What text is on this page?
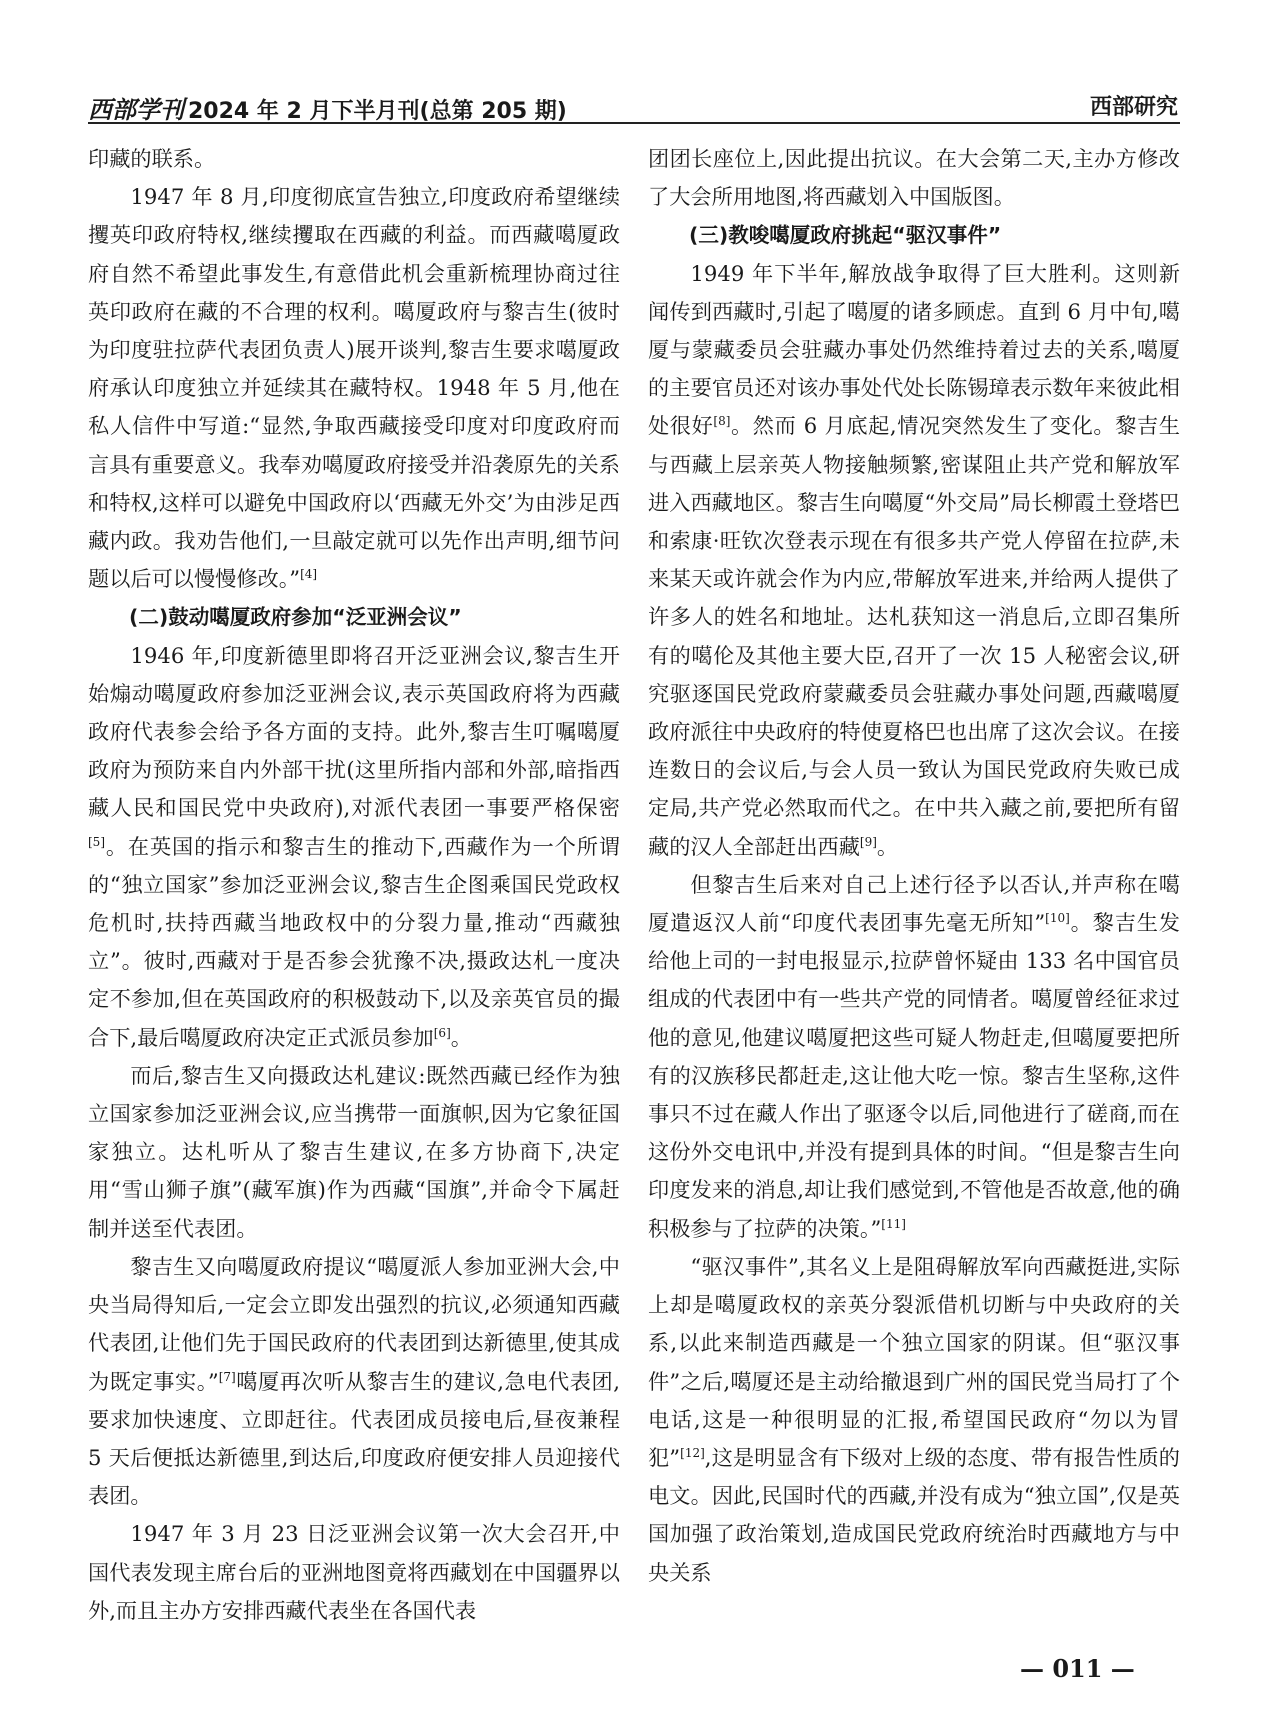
西部学刊 2024 年 2 月下半月刊(总第 205 期)	西部研究

印藏的联系。

1947 年 8 月,印度彻底宣告独立,印度政府希望继续攫英印政府特权,继续攫取在西藏的利益。而西藏噶厦政府自然不希望此事发生,有意借此机会重新梳理协商过往英印政府在藏的不合理的权利。噶厦政府与黎吉生(彼时为印度驻拉萨代表团负责人)展开谈判,黎吉生要求噶厦政府承认印度独立并延续其在藏特权。1948 年 5 月,他在私人信件中写道:“显然,争取西藏接受印度对印度政府而言具有重要意义。我奉劝噶厦政府接受并沿袭原先的关系和特权,这样可以避免中国政府以‘西藏无外交’为由涉足西藏内政。我劝告他们,一旦敲定就可以先作出声明,细节问题以后可以慢慢修改。”[4]

(二)鼓动噶厦政府参加“泛亚洲会议”

1946 年,印度新德里即将召开泛亚洲会议,黎吉生开始煽动噶厦政府参加泛亚洲会议,表示英国政府将为西藏政府代表参会给予各方面的支持。此外,黎吉生叮嘱噶厦政府为预防来自内外部干扰(这里所指内部和外部,暗指西藏人民和国民党中央政府),对派代表团一事要严格保密[5]。在英国的指示和黎吉生的推动下,西藏作为一个所谓的“独立国家”参加泛亚洲会议,黎吉生企图乘国民党政权危机时,扶持西藏当地政权中的分裂力量,推动“西藏独立”。彼时,西藏对于是否参会犹豫不决,摄政达札一度决定不参加,但在英国政府的积极鼓动下,以及亲英官员的撮合下,最后噶厦政府决定正式派员参加[6]。

而后,黎吉生又向摄政达札建议:既然西藏已经作为独立国家参加泛亚洲会议,应当携带一面旗帜,因为它象征国家独立。达札听从了黎吉生建议,在多方协商下,决定用“雪山狮子旗”(藏军旗)作为西藏“国旗”,并命令下属赶制并送至代表团。

黎吉生又向噶厦政府提议“噶厦派人参加亚洲大会,中央当局得知后,一定会立即发出强烈的抗议,必须通知西藏代表团,让他们先于国民政府的代表团到达新德里,使其成为既定事实。”[7]噶厦再次听从黎吉生的建议,急电代表团,要求加快速度、立即赶往。代表团成员接电后,昼夜兼程 5 天后便抵达新德里,到达后,印度政府便安排人员迎接代表团。

1947 年 3 月 23 日泛亚洲会议第一次大会召开,中国代表发现主席台后的亚洲地图竟将西藏划在中国疆界以外,而且主办方安排西藏代表坐在各国代表

团团长座位上,因此提出抗议。在大会第二天,主办方修改了大会所用地图,将西藏划入中国版图。

(三)教唆噶厦政府挑起“驱汉事件”

1949 年下半年,解放战争取得了巨大胜利。这则新闻传到西藏时,引起了噶厦的诸多顾虑。直到 6 月中旬,噶厦与蒙藏委员会驻藏办事处仍然维持着过去的关系,噶厦的主要官员还对该办事处代处长陈锡璋表示数年来彼此相处很好[8]。然而 6 月底起,情况突然发生了变化。黎吉生与西藏上层亲英人物接触频繁,密谋阻止共产党和解放军进入西藏地区。黎吉生向噶厦“外交局”局长柳霞土登塔巴和索康·旺钦次登表示现在有很多共产党人停留在拉萨,未来某天或许就会作为内应,带解放军进来,并给两人提供了许多人的姓名和地址。达札获知这一消息后,立即召集所有的噶伦及其他主要大臣,召开了一次 15 人秘密会议,研究驱逐国民党政府蒙藏委员会驻藏办事处问题,西藏噶厦政府派往中央政府的特使夏格巴也出席了这次会议。在接连数日的会议后,与会人员一致认为国民党政府失败已成定局,共产党必然取而代之。在中共入藏之前,要把所有留藏的汉人全部赶出西藏[9]。

但黎吉生后来对自己上述行径予以否认,并声称在噶厦遣返汉人前“印度代表团事先毫无所知”[10]。黎吉生发给他上司的一封电报显示,拉萨曾怀疑由 133 名中国官员组成的代表团中有一些共产党的同情者。噶厦曾经征求过他的意见,他建议噶厦把这些可疑人物赶走,但噶厦要把所有的汉族移民都赶走,这让他大吃一惊。黎吉生坚称,这件事只不过在藏人作出了驱逐令以后,同他进行了磋商,而在这份外交电讯中,并没有提到具体的时间。“但是黎吉生向印度发来的消息,却让我们感觉到,不管他是否故意,他的确积极参与了拉萨的决策。”[11]

“驱汉事件”,其名义上是阻碍解放军向西藏挺进,实际上却是噶厦政权的亲英分裂派借机切断与中央政府的关系,以此来制造西藏是一个独立国家的阴谋。但“驱汉事件”之后,噶厦还是主动给撤退到广州的国民党当局打了个电话,这是一种很明显的汇报,希望国民政府“勿以为冒犯”[12],这是明显含有下级对上级的态度、带有报告性质的电文。因此,民国时代的西藏,并没有成为“独立国”,仅是英国加强了政治策划,造成国民党政府统治时西藏地方与中央关系

— 011 —
